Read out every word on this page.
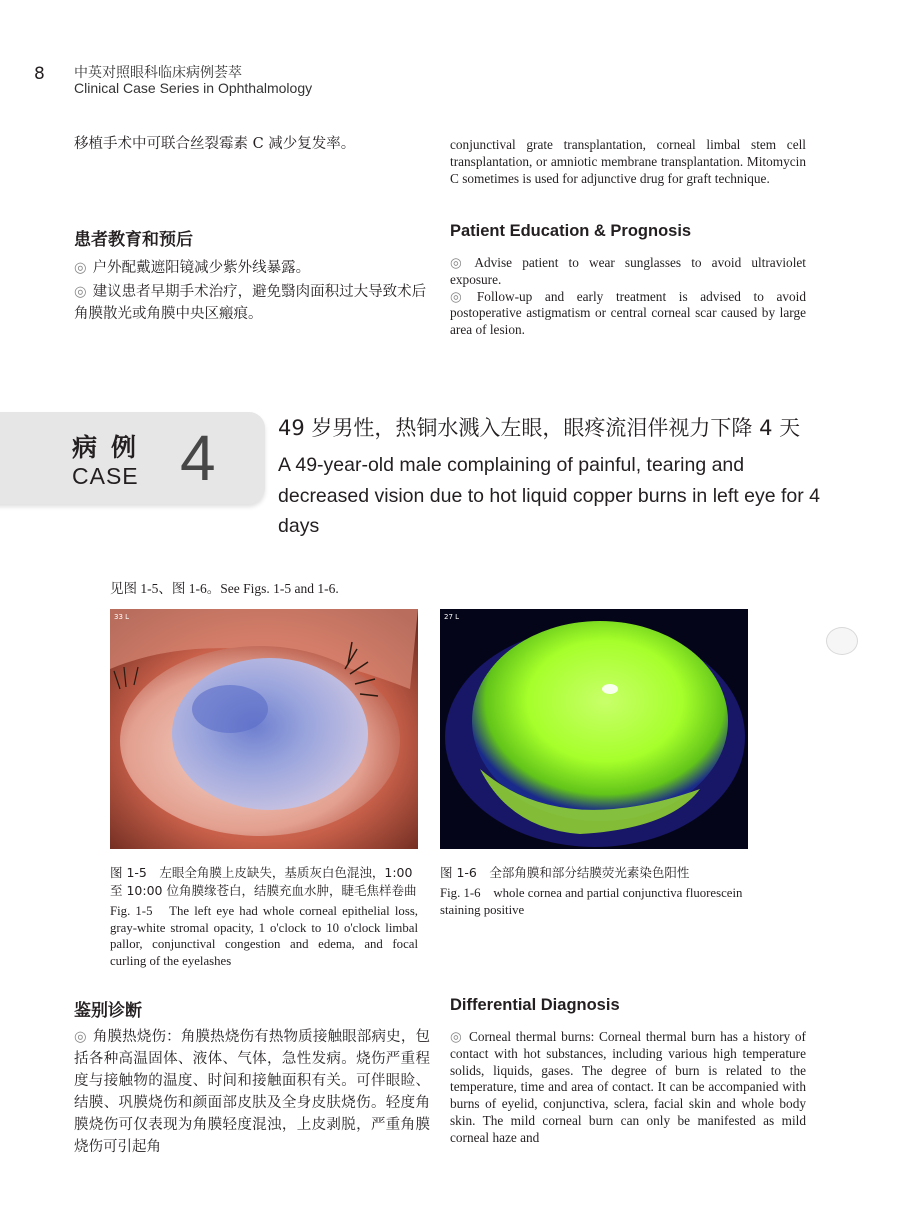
8 中英对照眼科临床病例荟萃
Clinical Case Series in Ophthalmology
移植手术中可联合丝裂霉素 C 减少复发率。	conjunctival grate transplantation, corneal limbal stem cell transplantation, or amniotic membrane transplantation. Mitomycin C sometimes is used for adjunctive drug for graft technique.
患者教育和预后	Patient Education & Prognosis
◎ 户外配戴遮阳镜减少紫外线暴露。
◎ 建议患者早期手术治疗，避免翳肉面积过大导致术后角膜散光或角膜中央区瘢痕。
◎ Advise patient to wear sunglasses to avoid ultraviolet exposure.
◎ Follow-up and early treatment is advised to avoid postoperative astigmatism or central corneal scar caused by large area of lesion.
病例
CASE 4	49 岁男性，热铜水溅入左眼，眼疼流泪伴视力下降 4 天
A 49-year-old male complaining of painful, tearing and decreased vision due to hot liquid copper burns in left eye for 4 days
见图 1-5、图 1-6。See Figs. 1-5 and 1-6.
33 L	27 L
图 1-5　左眼全角膜上皮缺失，基质灰白色混浊，1:00 至 10:00 位角膜缘苍白，结膜充血水肿，睫毛焦样卷曲
Fig. 1-5　The left eye had whole corneal epithelial loss, gray-white stromal opacity, 1 o'clock to 10 o'clock limbal pallor, conjunctival congestion and edema, and focal curling of the eyelashes
图 1-6　全部角膜和部分结膜荧光素染色阳性
Fig. 1-6　whole cornea and partial conjunctiva fluorescein staining positive
鉴别诊断	Differential Diagnosis
◎ 角膜热烧伤：角膜热烧伤有热物质接触眼部病史，包括各种高温固体、液体、气体，急性发病。烧伤严重程度与接触物的温度、时间和接触面积有关。可伴眼睑、结膜、巩膜烧伤和颜面部皮肤及全身皮肤烧伤。轻度角膜烧伤可仅表现为角膜轻度混浊，上皮剥脱，严重角膜烧伤可引起角
◎ Corneal thermal burns: Corneal thermal burn has a history of contact with hot substances, including various high temperature solids, liquids, gases. The degree of burn is related to the temperature, time and area of contact. It can be accompanied with burns of eyelid, conjunctiva, sclera, facial skin and whole body skin. The mild corneal burn can only be manifested as mild corneal haze and
